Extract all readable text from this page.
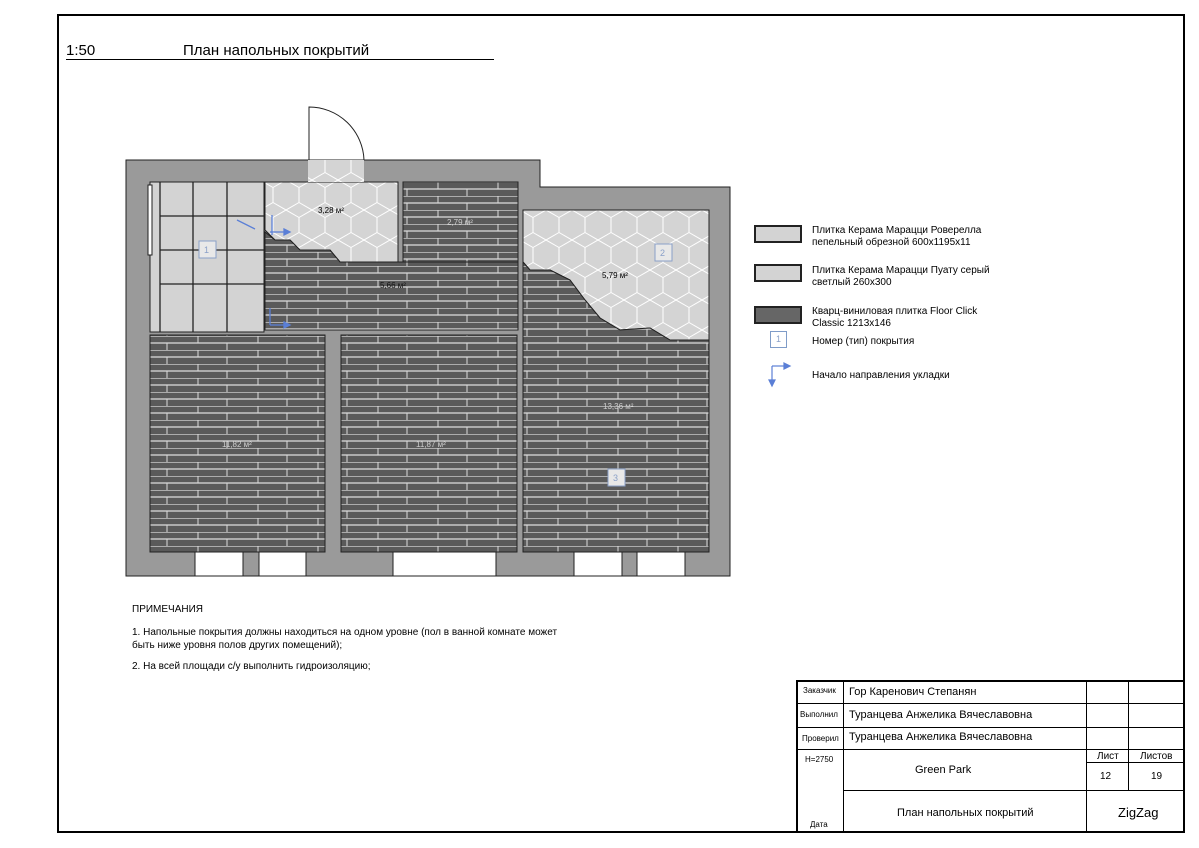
1:50	План напольных покрытий
3,28 м²
2,79 м²
5,79 м²
5,66 м²
11,82 м²	11,87 м²
13,36 м²
1	2
3
Плитка Керама Марацци Роверелла
пепельный обрезной 600x1195x11
Плитка Керама Марацци Пуату серый
светлый 260x300
Кварц-виниловая плитка Floor Click
Classic 1213x146
1	Номер (тип) покрытия
Начало направления укладки
ПРИМЕЧАНИЯ
1. Напольные покрытия должны находиться на одном уровне (пол в ванной комнате может быть ниже уровня полов других помещений);
2. На всей площади с/у выполнить гидроизоляцию;
Заказчик Гор Каренович Степанян
Выполнил Туранцева Анжелика Вячеславовна
Проверил Туранцева Анжелика Вячеславовна
Н=2750
Дата
Green Park
План напольных покрытий
Лист Листов
12	19
ZigZag
